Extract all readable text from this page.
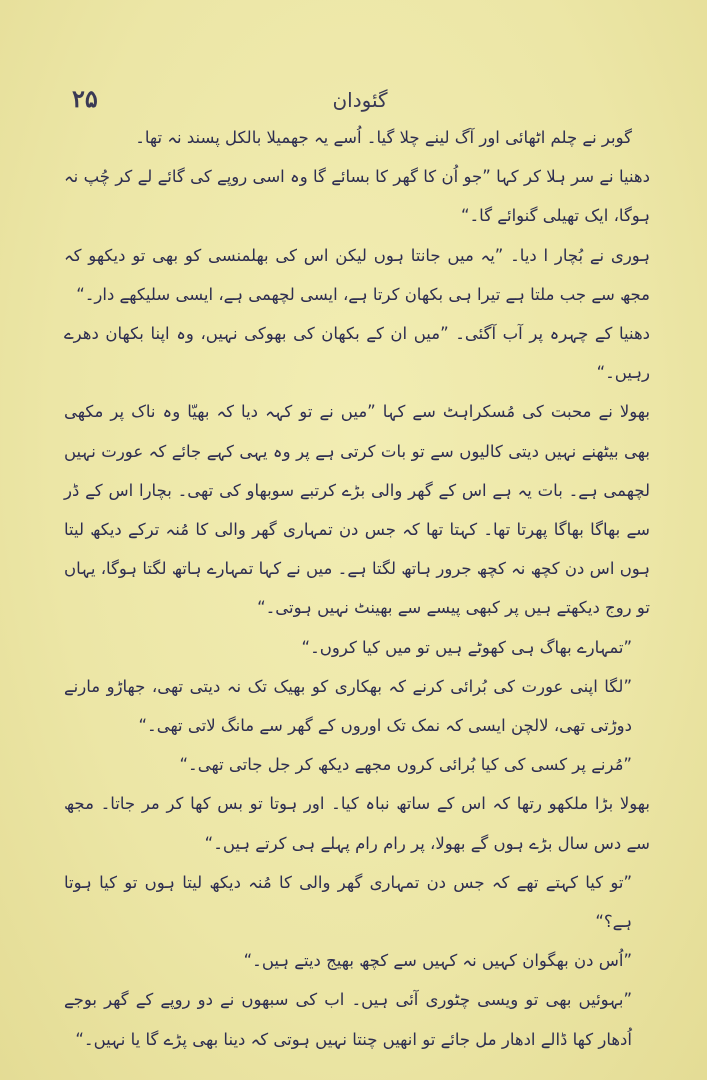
۲۵	گئودان

گوبر نے چلم اٹھائی اور آگ لینے چلا گیا۔ اُسے یہ جھمیلا بالکل پسند نہ تھا۔

دھنیا نے سر ہلا کر کہا ”جو اُن کا گھر کا بسائے گا وہ اسی روپے کی گائے لے کر چُپ نہ ہوگا، ایک تھیلی گنوائے گا۔“

ہوری نے بُچار ا دیا۔ ”یہ میں جانتا ہوں لیکن اس کی بھلمنسی کو بھی تو دیکھو کہ مجھ سے جب ملتا ہے تیرا ہی بکھان کرتا ہے، ایسی لچھمی ہے، ایسی سلیکھے دار۔“

دھنیا کے چہرہ پر آب آگئی۔ ”میں ان کے بکھان کی بھوکی نہیں، وہ اپنا بکھان دھرے رہیں۔“

بھولا نے محبت کی مُسکراہٹ سے کہا ”میں نے تو کہہ دیا کہ بھیّا وہ ناک پر مکھی بھی بیٹھنے نہیں دیتی کالیوں سے تو بات کرتی ہے پر وہ یہی کہے جائے کہ عورت نہیں لچھمی ہے۔ بات یہ ہے اس کے گھر والی بڑے کرتبے سوبھاو کی تھی۔ بچارا اس کے ڈر سے بھاگا بھاگا پھرتا تھا۔ کہتا تھا کہ جس دن تمہاری گھر والی کا مُنہ ترکے دیکھ لیتا ہوں اس دن کچھ نہ کچھ جرور ہاتھ لگتا ہے۔ میں نے کہا تمہارے ہاتھ لگتا ہوگا، یہاں تو روج دیکھتے ہیں پر کبھی پیسے سے بھینٹ نہیں ہوتی۔“

”تمہارے بھاگ ہی کھوٹے ہیں تو میں کیا کروں۔“

”لگا اپنی عورت کی بُرائی کرنے کہ بھکاری کو بھیک تک نہ دیتی تھی، جھاڑو مارنے دوڑتی تھی، لالچن ایسی کہ نمک تک اوروں کے گھر سے مانگ لاتی تھی۔“

”مُرنے پر کسی کی کیا بُرائی کروں مجھے دیکھ کر جل جاتی تھی۔“

بھولا بڑا ملکھو رتھا کہ اس کے ساتھ نباہ کیا۔ اور ہوتا تو بس کھا کر مر جاتا۔ مجھ سے دس سال بڑے ہوں گے بھولا، پر رام رام پہلے ہی کرتے ہیں۔“

”تو کیا کہتے تھے کہ جس دن تمہاری گھر والی کا مُنہ دیکھ لیتا ہوں تو کیا ہوتا ہے؟“

”اُس دن بھگوان کہیں نہ کہیں سے کچھ بھیج دیتے ہیں۔“

”بہوئیں بھی تو ویسی چٹوری آئی ہیں۔ اب کی سبھوں نے دو روپے کے گھر بوجے اُدھار کھا ڈالے ادھار مل جائے تو انھیں چنتا نہیں ہوتی کہ دینا بھی پڑے گا یا نہیں۔“
